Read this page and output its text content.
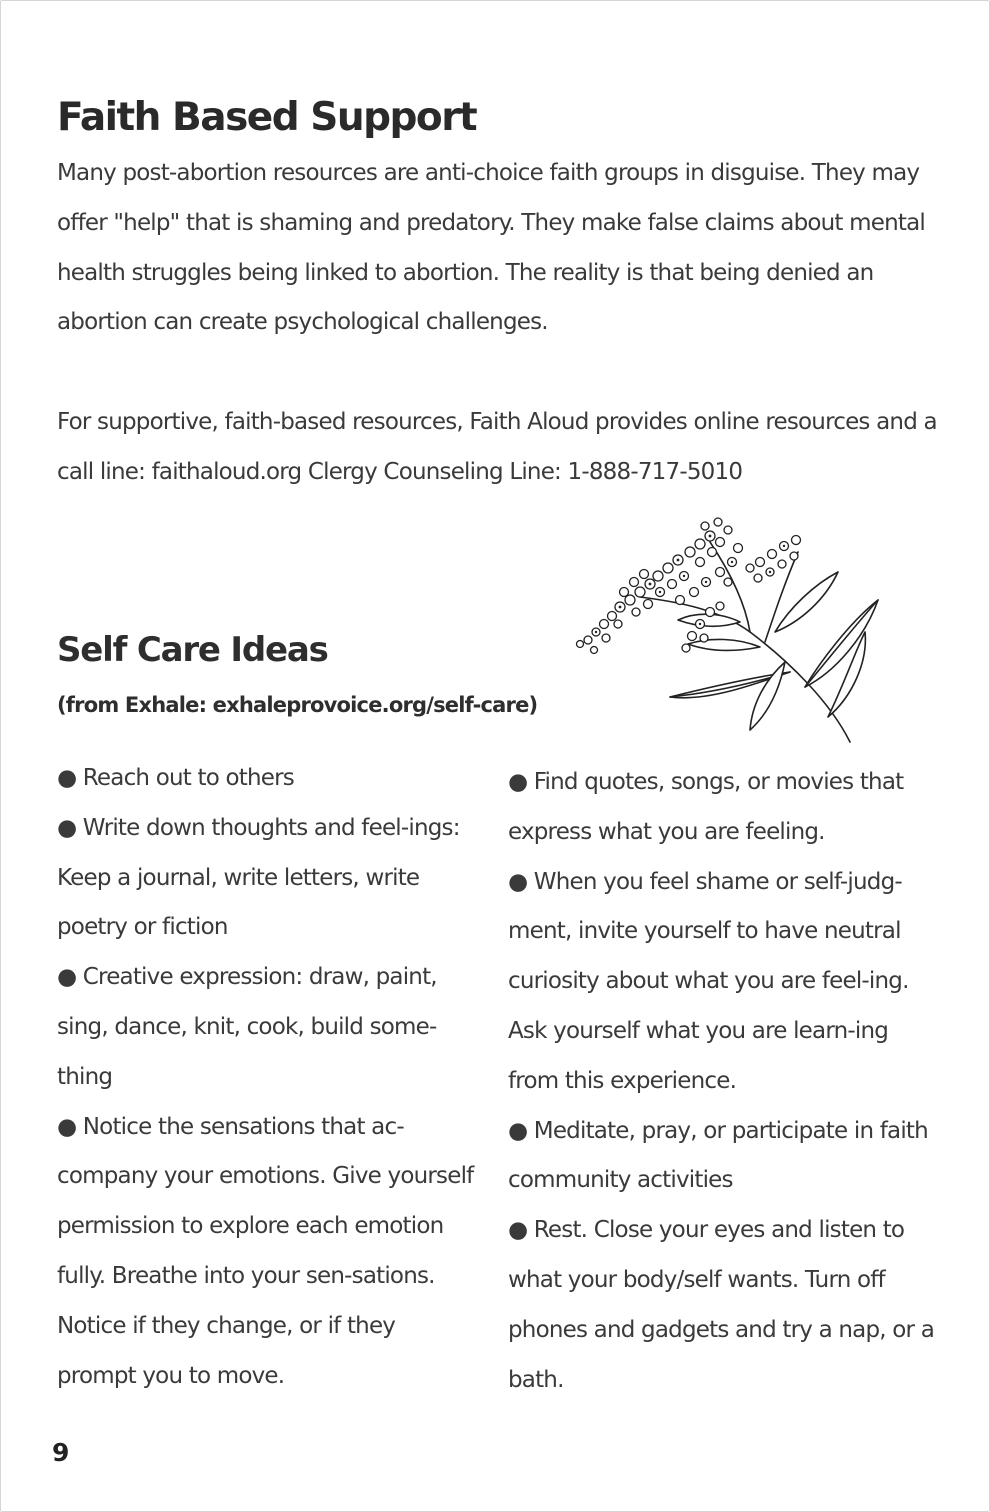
Faith Based Support

Many post-abortion resources are anti-choice faith groups in disguise. They may offer "help" that is shaming and predatory. They make false claims about mental health struggles being linked to abortion. The reality is that being denied an abortion can create psychological challenges.

For supportive, faith-based resources, Faith Aloud provides online resources and a call line: faithaloud.org Clergy Counseling Line: 1-888-717-5010

Self Care Ideas

(from Exhale: exhaleprovoice.org/self-care)

● Reach out to others

● Write down thoughts and feel-ings: Keep a journal, write letters, write poetry or fiction

● Creative expression: draw, paint, sing, dance, knit, cook, build some-thing

● Notice the sensations that ac-company your emotions. Give yourself permission to explore each emotion fully. Breathe into your sen-sations. Notice if they change, or if they prompt you to move.

● Find quotes, songs, or movies that express what you are feeling.

● When you feel shame or self-judg-ment, invite yourself to have neutral curiosity about what you are feel-ing. Ask yourself what you are learn-ing from this experience.

● Meditate, pray, or participate in faith community activities

● Rest. Close your eyes and listen to what your body/self wants. Turn off phones and gadgets and try a nap, or a bath.

9
